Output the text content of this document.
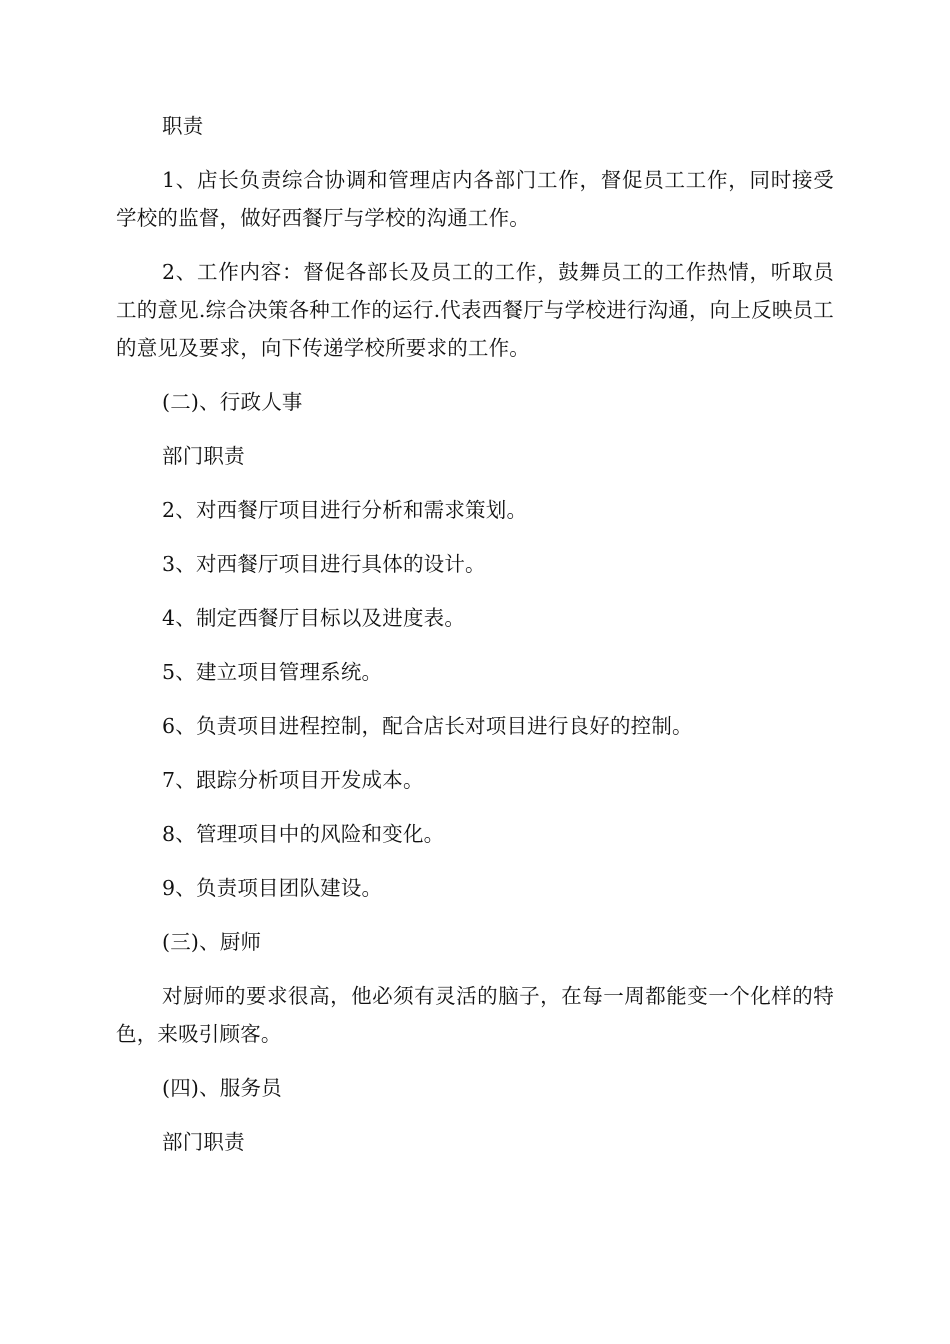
职责

1、店长负责综合协调和管理店内各部门工作，督促员工工作，同时接受学校的监督，做好西餐厅与学校的沟通工作。

2、工作内容：督促各部长及员工的工作，鼓舞员工的工作热情，听取员工的意见.综合决策各种工作的运行.代表西餐厅与学校进行沟通，向上反映员工的意见及要求，向下传递学校所要求的工作。

(二)、行政人事

部门职责

2、对西餐厅项目进行分析和需求策划。

3、对西餐厅项目进行具体的设计。

4、制定西餐厅目标以及进度表。

5、建立项目管理系统。

6、负责项目进程控制，配合店长对项目进行良好的控制。

7、跟踪分析项目开发成本。

8、管理项目中的风险和变化。

9、负责项目团队建设。

(三)、厨师

对厨师的要求很高，他必须有灵活的脑子，在每一周都能变一个化样的特色，来吸引顾客。

(四)、服务员

部门职责
